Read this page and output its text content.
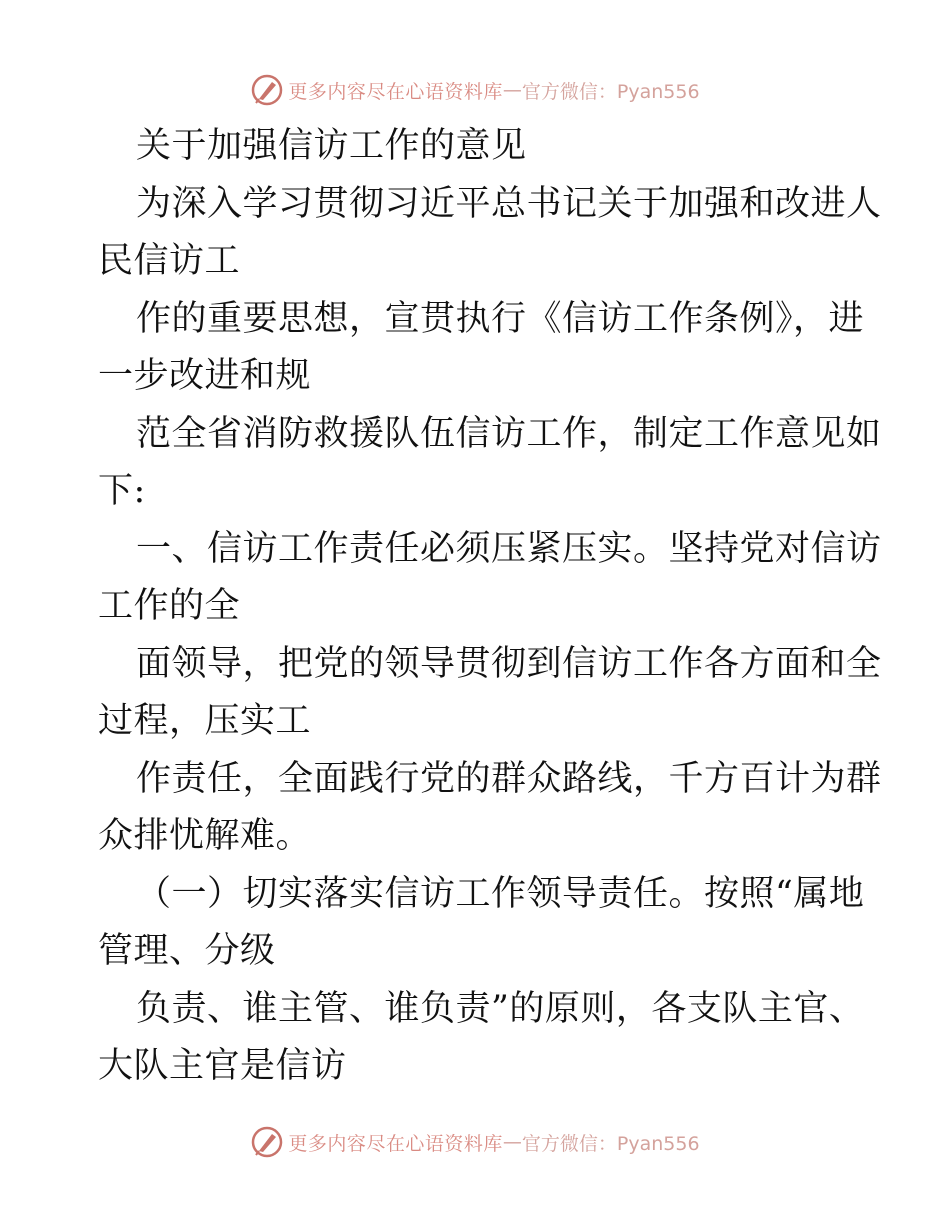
更多内容尽在心语资料库 — 官方微信：Pyan556
关于加强信访工作的意见
为深入学习贯彻习近平总书记关于加强和改进人
民信访工
作的重要思想，宣贯执行《信访工作条例》，进
一步改进和规
范全省消防救援队伍信访工作，制定工作意见如
下:
一、信访工作责任必须压紧压实。坚持党对信访
工作的全
面领导，把党的领导贯彻到信访工作各方面和全
过程，压实工
作责任，全面践行党的群众路线，千方百计为群
众排忧解难。
（一）切实落实信访工作领导责任。按照“属地
管理、分级
负责、谁主管、谁负责”的原则，各支队主官、
大队主官是信访
更多内容尽在心语资料库 — 官方微信：Pyan556
